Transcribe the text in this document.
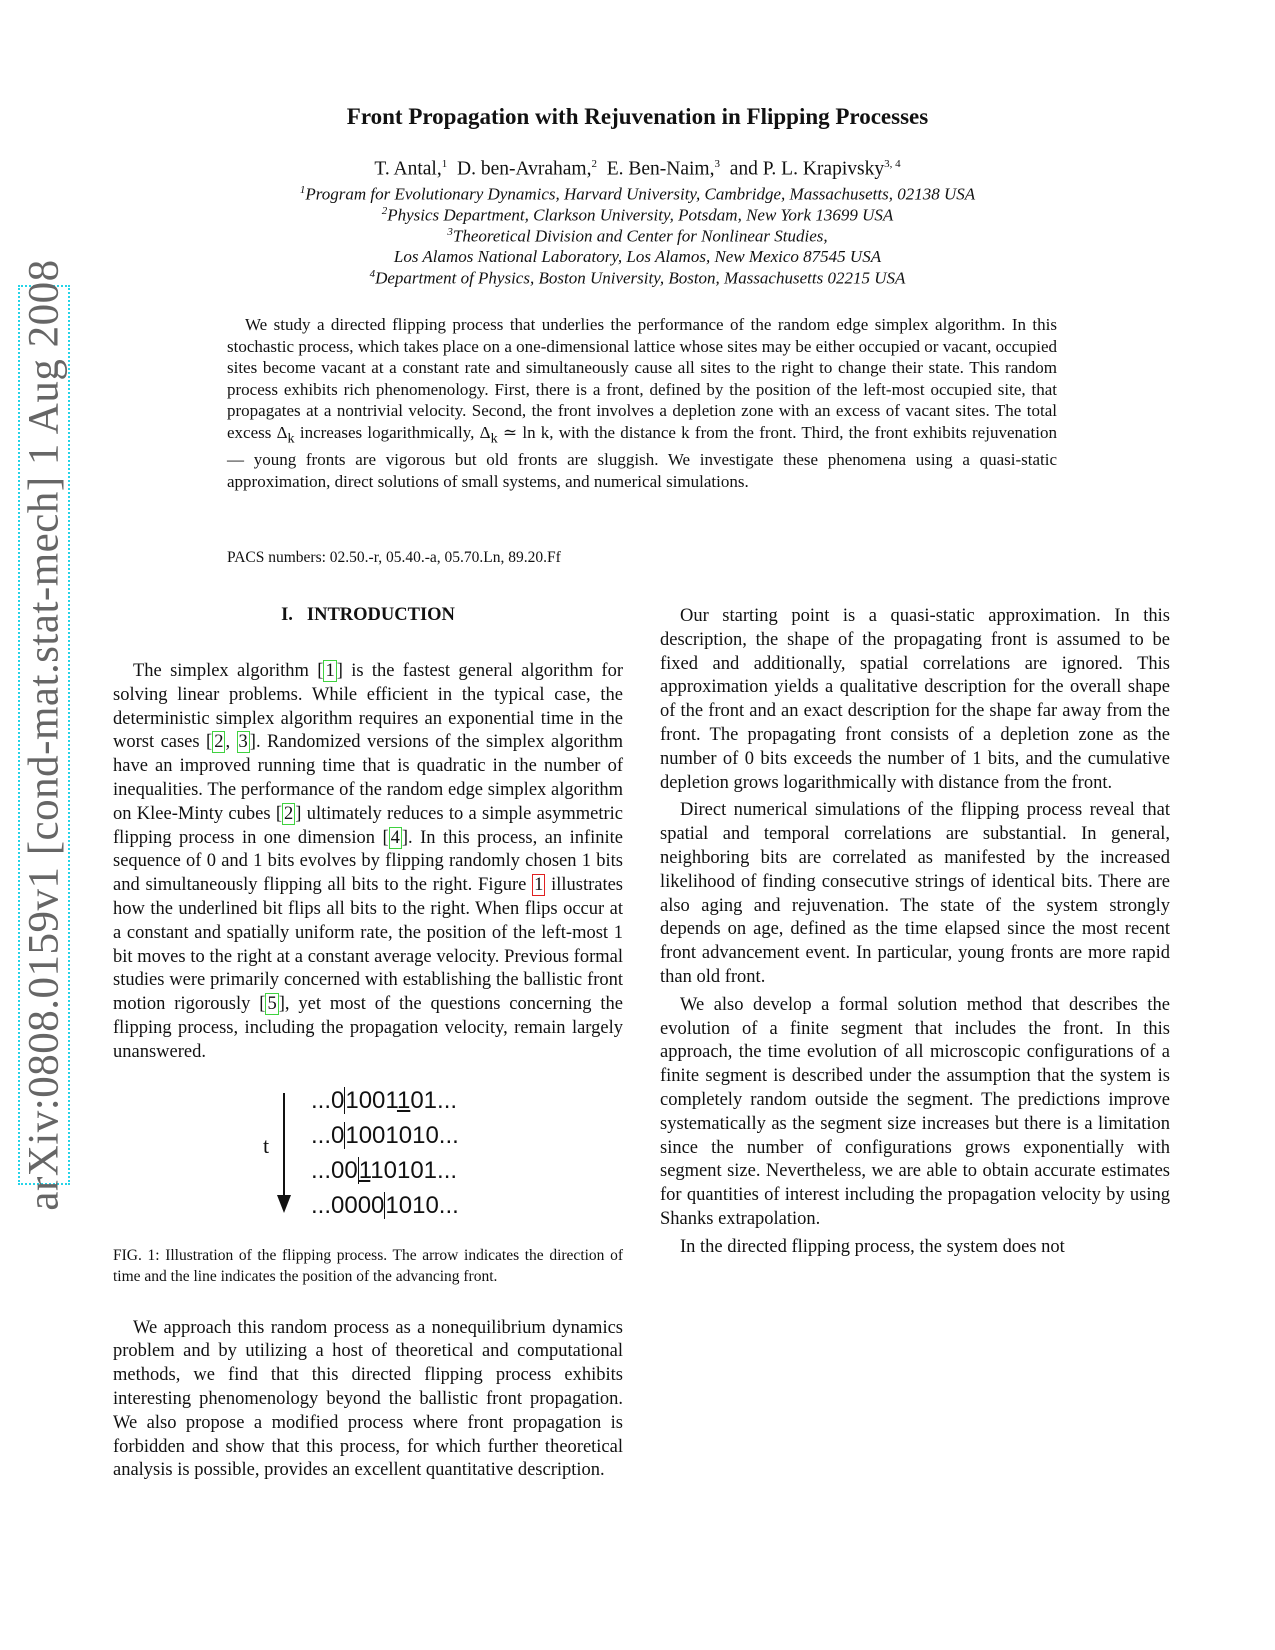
arXiv:0808.0159v1 [cond-mat.stat-mech] 1 Aug 2008
Front Propagation with Rejuvenation in Flipping Processes
T. Antal,$^1$ D. ben-Avraham,$^2$ E. Ben-Naim,$^3$ and P. L. Krapivsky$^{3, 4}$
$^1$Program for Evolutionary Dynamics, Harvard University, Cambridge, Massachusetts, 02138 USA
$^2$Physics Department, Clarkson University, Potsdam, New York 13699 USA
$^3$Theoretical Division and Center for Nonlinear Studies,
Los Alamos National Laboratory, Los Alamos, New Mexico 87545 USA
$^4$Department of Physics, Boston University, Boston, Massachusetts 02215 USA

We study a directed flipping process that underlies the performance of the random edge simplex algorithm. In this stochastic process, which takes place on a one-dimensional lattice whose sites may be either occupied or vacant, occupied sites become vacant at a constant rate and simultaneously cause all sites to the right to change their state. This random process exhibits rich phenomenology. First, there is a front, defined by the position of the left-most occupied site, that propagates at a nontrivial velocity. Second, the front involves a depletion zone with an excess of vacant sites. The total excess $\Delta_k$ increases logarithmically, $\Delta_k$ ≃ ln k, with the distance k from the front. Third, the front exhibits rejuvenation — young fronts are vigorous but old fronts are sluggish. We investigate these phenomena using a quasi-static approximation, direct solutions of small systems, and numerical simulations.

PACS numbers: 02.50.-r, 05.40.-a, 05.70.Ln, 89.20.Ff
I. INTRODUCTION

The simplex algorithm [ 1 ] is the fastest general algorithm for solving linear problems. While efficient in the typical case, the deterministic simplex algorithm requires an exponential time in the worst cases [ 2 , 3 ]. Randomized versions of the simplex algorithm have an improved running time that is quadratic in the number of inequalities. The performance of the random edge simplex algorithm on Klee-Minty cubes [ 2 ] ultimately reduces to a simple asymmetric flipping process in one dimension [ 4 ]. In this process, an infinite sequence of 0 and 1 bits evolves by flipping randomly chosen 1 bits and simultaneously flipping all bits to the right. Figure 1 illustrates how the underlined bit flips all bits to the right. When flips occur at a constant and spatially uniform rate, the position of the left-most 1 bit moves to the right at a constant average velocity. Previous formal studies were primarily concerned with establishing the ballistic front motion rigorously [ 5 ], yet most of the questions concerning the flipping process, including the propagation velocity, remain largely unanswered.

t
...01001101...
...01001010...
...00110101...
...00001010...

FIG. 1: Illustration of the flipping process. The arrow indicates the direction of time and the line indicates the position of the advancing front.

We approach this random process as a nonequilibrium dynamics problem and by utilizing a host of theoretical and computational methods, we find that this directed flipping process exhibits interesting phenomenology beyond the ballistic front propagation. We also propose a modified process where front propagation is forbidden and show that this process, for which further theoretical analysis is possible, provides an excellent quantitative description.

Our starting point is a quasi-static approximation. In this description, the shape of the propagating front is assumed to be fixed and additionally, spatial correlations are ignored. This approximation yields a qualitative description for the overall shape of the front and an exact description for the shape far away from the front. The propagating front consists of a depletion zone as the number of 0 bits exceeds the number of 1 bits, and the cumulative depletion grows logarithmically with distance from the front.

Direct numerical simulations of the flipping process reveal that spatial and temporal correlations are substantial. In general, neighboring bits are correlated as manifested by the increased likelihood of finding consecutive strings of identical bits. There are also aging and rejuvenation. The state of the system strongly depends on age, defined as the time elapsed since the most recent front advancement event. In particular, young fronts are more rapid than old front.

We also develop a formal solution method that describes the evolution of a finite segment that includes the front. In this approach, the time evolution of all microscopic configurations of a finite segment is described under the assumption that the system is completely random outside the segment. The predictions improve systematically as the segment size increases but there is a limitation since the number of configurations grows exponentially with segment size. Nevertheless, we are able to obtain accurate estimates for quantities of interest including the propagation velocity by using Shanks extrapolation.

In the directed flipping process, the system does not
